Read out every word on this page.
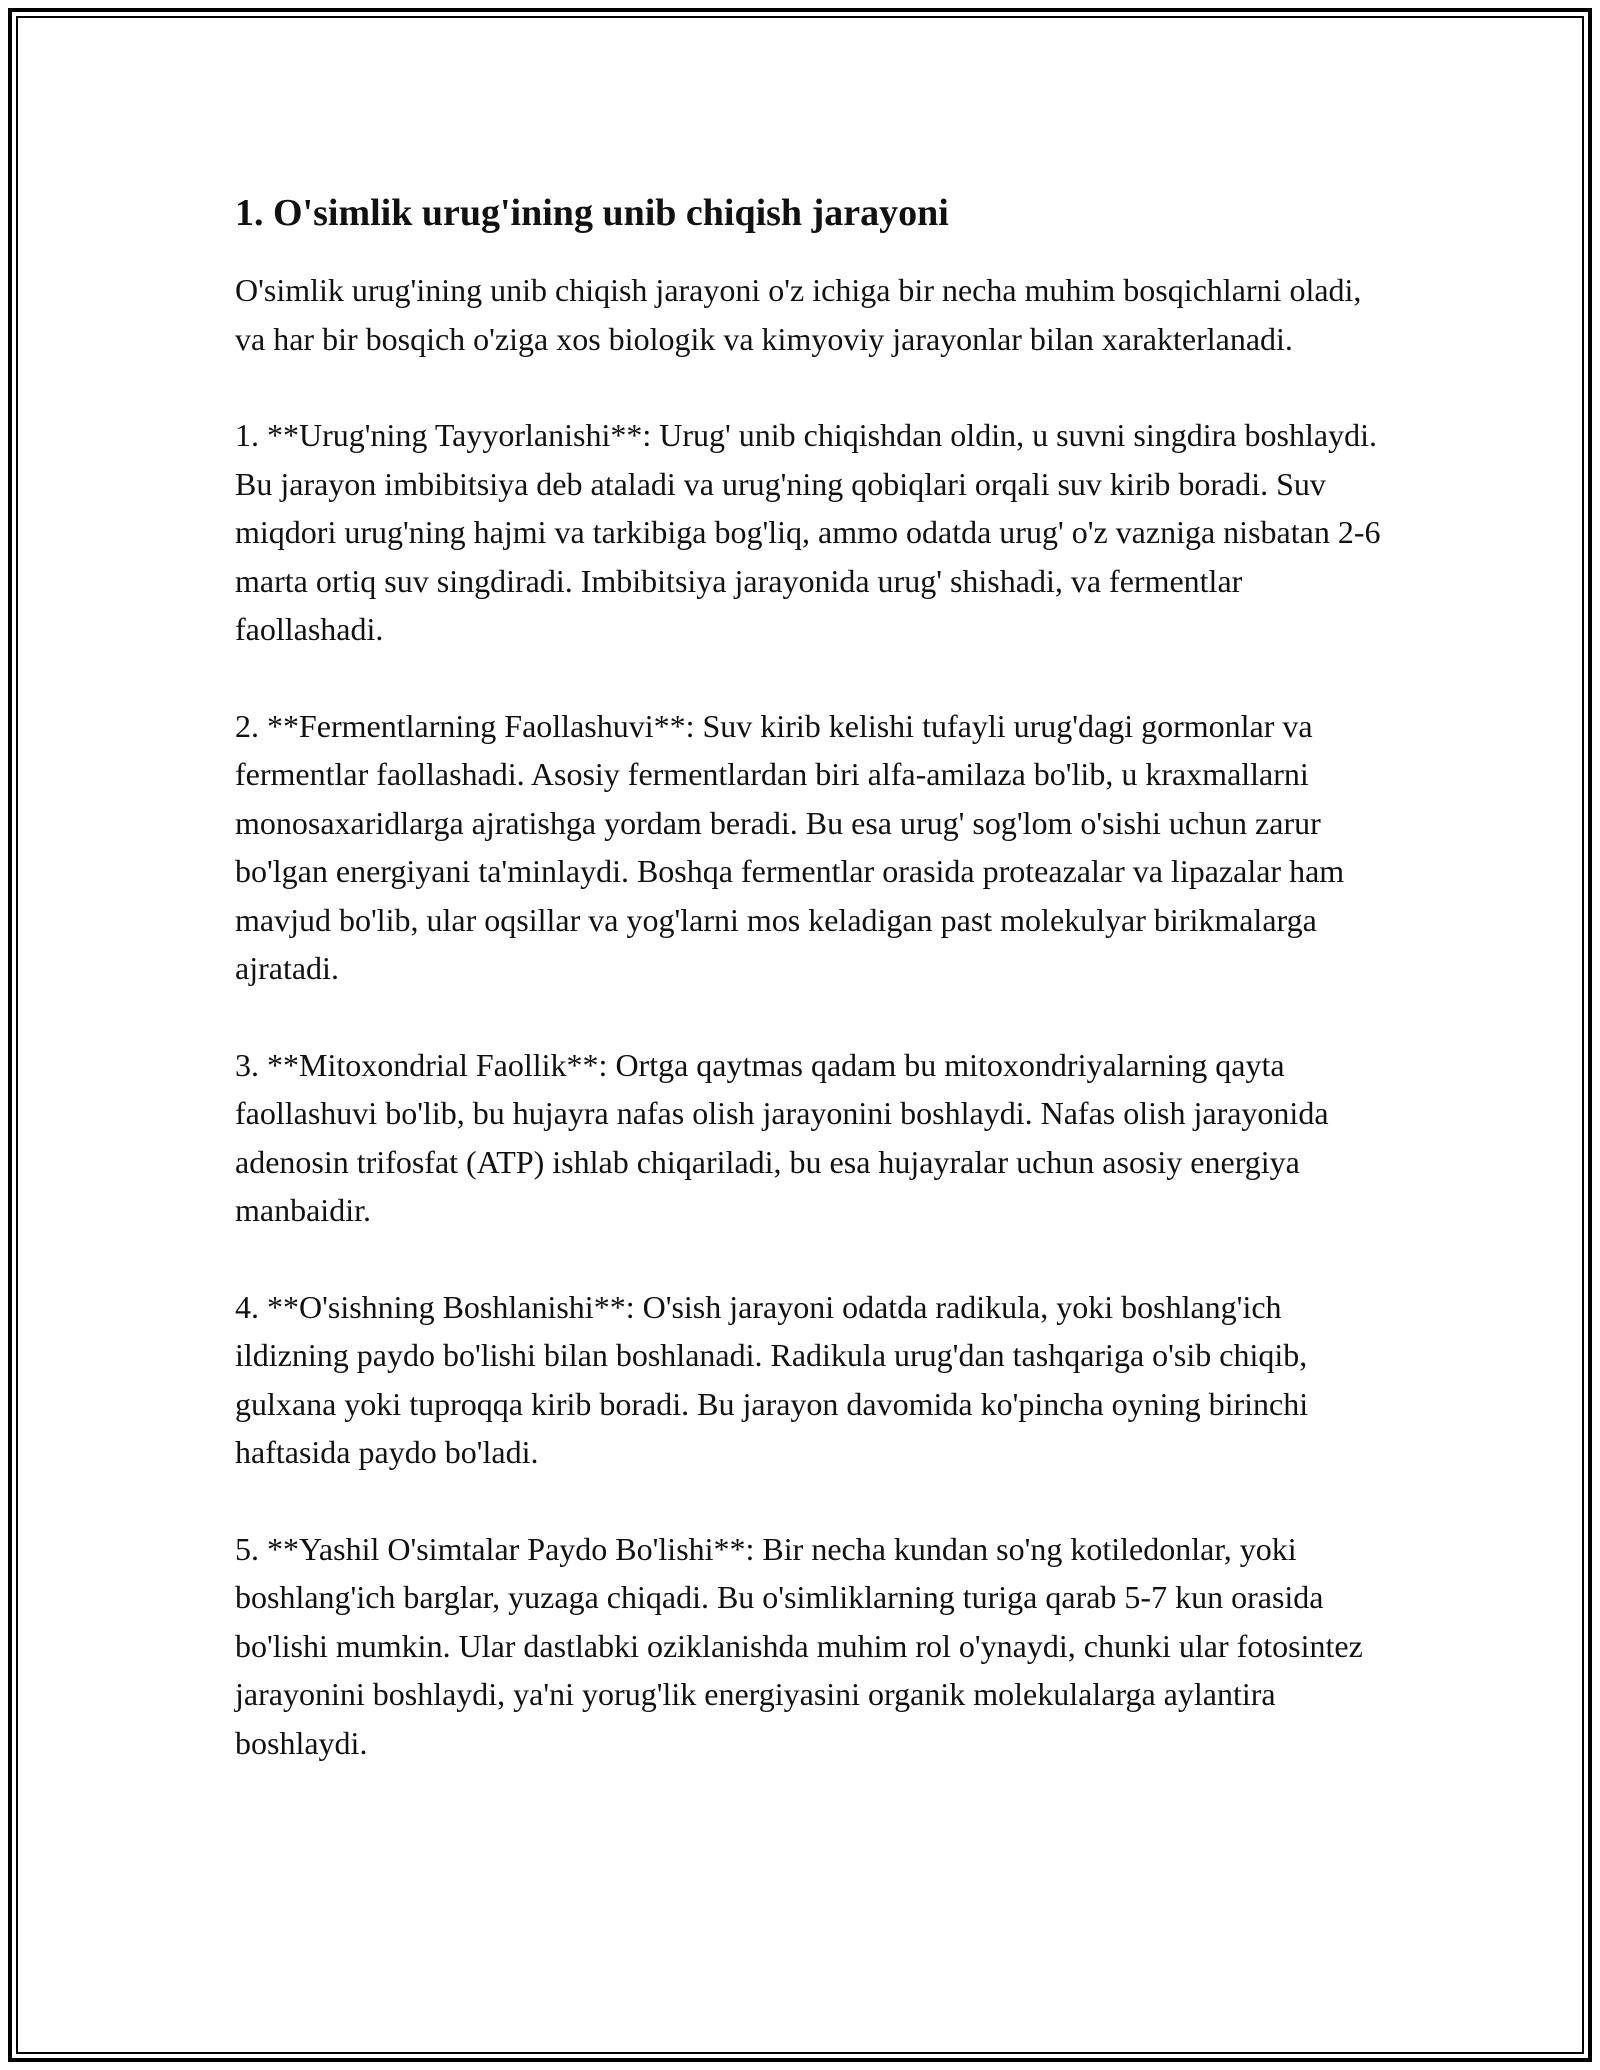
1. O'simlik urug'ining unib chiqish jarayoni

O'simlik urug'ining unib chiqish jarayoni o'z ichiga bir necha muhim bosqichlarni oladi, va har bir bosqich o'ziga xos biologik va kimyoviy jarayonlar bilan xarakterlanadi.

1. **Urug'ning Tayyorlanishi**: Urug' unib chiqishdan oldin, u suvni singdira boshlaydi. Bu jarayon imbibitsiya deb ataladi va urug'ning qobiqlari orqali suv kirib boradi. Suv miqdori urug'ning hajmi va tarkibiga bog'liq, ammo odatda urug' o'z vazniga nisbatan 2-6 marta ortiq suv singdiradi. Imbibitsiya jarayonida urug' shishadi, va fermentlar faollashadi.

2. **Fermentlarning Faollashuvi**: Suv kirib kelishi tufayli urug'dagi gormonlar va fermentlar faollashadi. Asosiy fermentlardan biri alfa-amilaza bo'lib, u kraxmallarni monosaxaridlarga ajratishga yordam beradi. Bu esa urug' sog'lom o'sishi uchun zarur bo'lgan energiyani ta'minlaydi. Boshqa fermentlar orasida proteazalar va lipazalar ham mavjud bo'lib, ular oqsillar va yog'larni mos keladigan past molekulyar birikmalarga ajratadi.

3. **Mitoxondrial Faollik**: Ortga qaytmas qadam bu mitoxondriyalarning qayta faollashuvi bo'lib, bu hujayra nafas olish jarayonini boshlaydi. Nafas olish jarayonida adenosin trifosfat (ATP) ishlab chiqariladi, bu esa hujayralar uchun asosiy energiya manbaidir.

4. **O'sishning Boshlanishi**: O'sish jarayoni odatda radikula, yoki boshlang'ich ildizning paydo bo'lishi bilan boshlanadi. Radikula urug'dan tashqariga o'sib chiqib, gulxana yoki tuproqqa kirib boradi. Bu jarayon davomida ko'pincha oyning birinchi haftasida paydo bo'ladi.

5. **Yashil O'simtalar Paydo Bo'lishi**: Bir necha kundan so'ng kotiledonlar, yoki boshlang'ich barglar, yuzaga chiqadi. Bu o'simliklarning turiga qarab 5-7 kun orasida bo'lishi mumkin. Ular dastlabki oziklanishda muhim rol o'ynaydi, chunki ular fotosintez jarayonini boshlaydi, ya'ni yorug'lik energiyasini organik molekulalarga aylantira boshlaydi.
